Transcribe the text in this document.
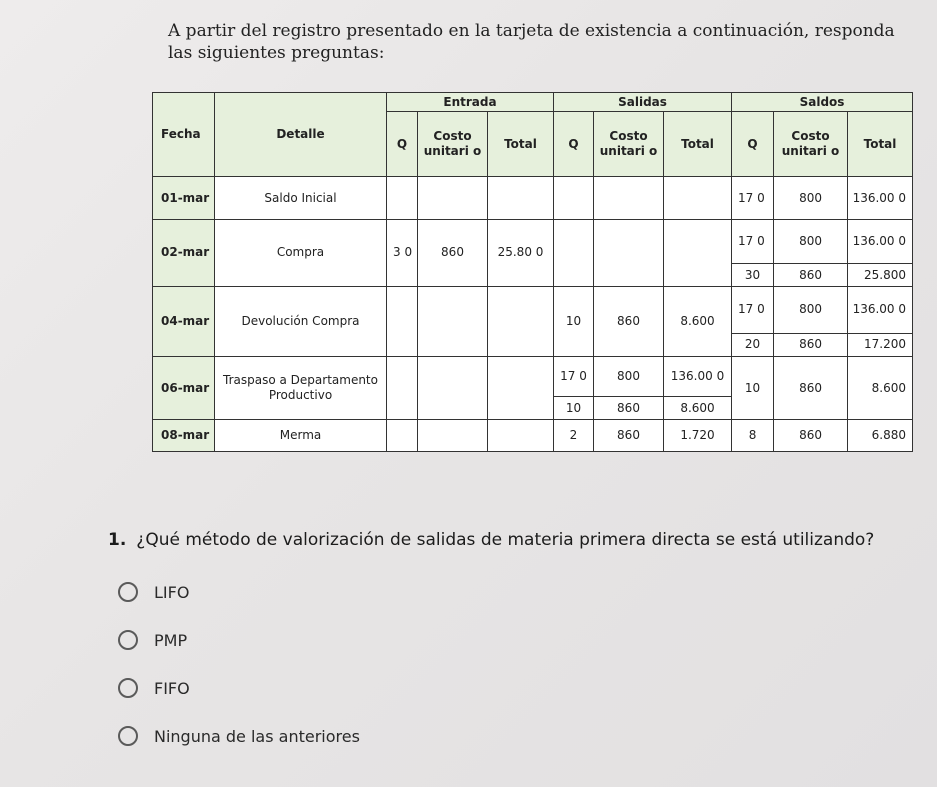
A partir del registro presentado en la tarjeta de existencia a continuación, responda las siguientes preguntas:
Fecha	Detalle	Entrada			Salidas			Saldos		
		Q	Costo unitari o	Total	Q	Costo unitari o	Total	Q	Costo unitari o	Total
01-mar	Saldo Inicial							17 0	800	136.00 0
02-mar	Compra	3 0	860	25.80 0				17 0	800	136.00 0
								30	860	25.800
04-mar	Devolución Compra				10	860	8.600	17 0	800	136.00 0
								20	860	17.200
06-mar	Traspaso a Departamento Productivo				17 0	800	136.00 0	10	860	8.600
					10	860	8.600			
08-mar	Merma				2	860	1.720	8	860	6.880
1. ¿Qué método de valorización de salidas de materia primera directa se está utilizando?
LIFO
PMP
FIFO
Ninguna de las anteriores
